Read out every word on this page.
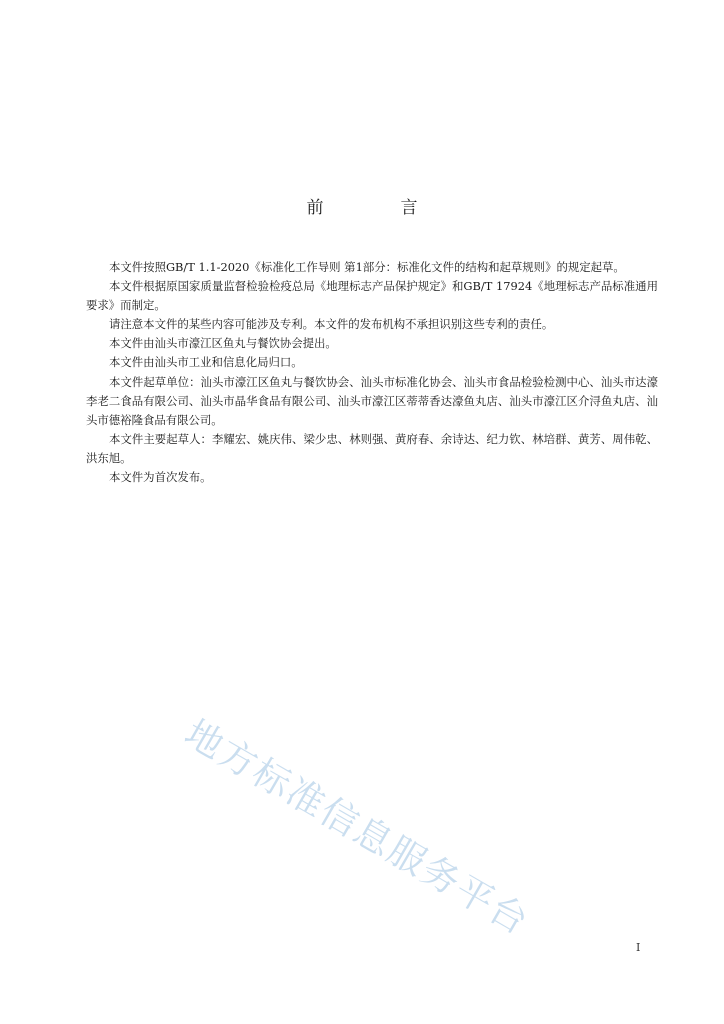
前　言

本文件按照GB/T 1.1-2020《标准化工作导则 第1部分：标准化文件的结构和起草规则》的规定起草。

本文件根据原国家质量监督检验检疫总局《地理标志产品保护规定》和GB/T 17924《地理标志产品标准通用要求》而制定。

请注意本文件的某些内容可能涉及专利。本文件的发布机构不承担识别这些专利的责任。

本文件由汕头市濠江区鱼丸与餐饮协会提出。

本文件由汕头市工业和信息化局归口。

本文件起草单位：汕头市濠江区鱼丸与餐饮协会、汕头市标准化协会、汕头市食品检验检测中心、汕头市达濠李老二食品有限公司、汕头市晶华食品有限公司、汕头市濠江区蒂蒂香达濠鱼丸店、汕头市濠江区介浔鱼丸店、汕头市德裕隆食品有限公司。

本文件主要起草人：李耀宏、姚庆伟、梁少忠、林则强、黄府春、余诗达、纪力钦、林培群、黄芳、周伟乾、洪东旭。

本文件为首次发布。

地方标准信息服务平台
I
